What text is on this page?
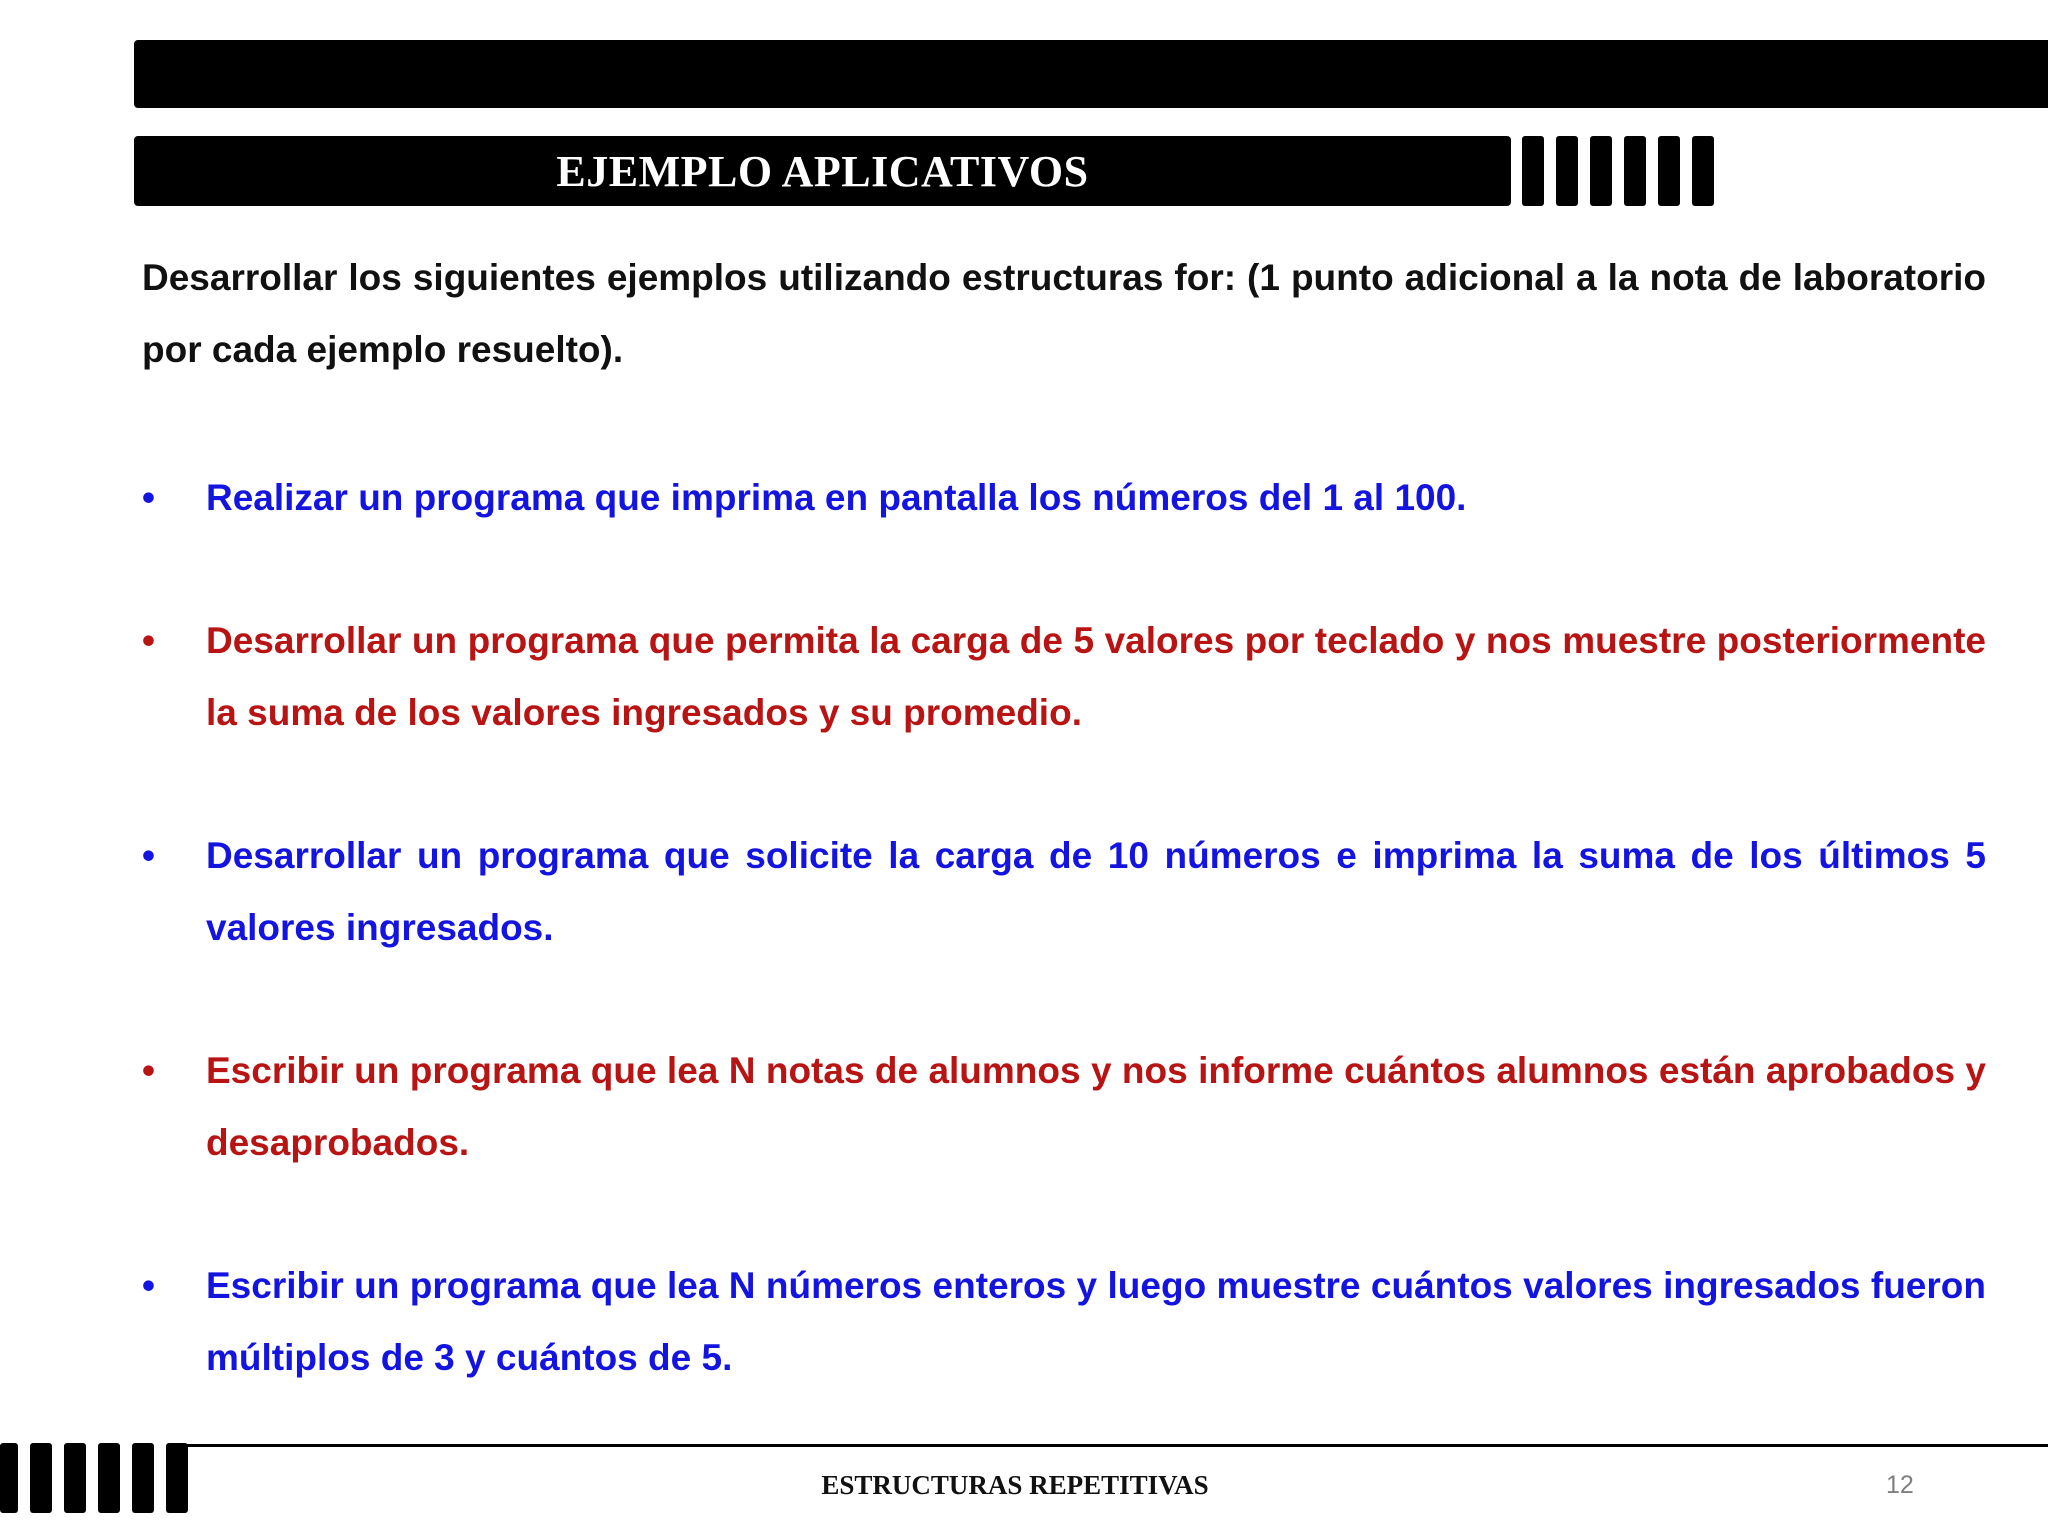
EJEMPLO APLICATIVOS
Desarrollar los siguientes ejemplos utilizando estructuras for: (1 punto adicional a la nota de laboratorio por cada ejemplo resuelto).
•	Realizar un programa que imprima en pantalla los números del 1 al 100.
•	Desarrollar un programa que permita la carga de 5 valores por teclado y nos muestre posteriormente la suma de los valores ingresados y su promedio.
•	Desarrollar un programa que solicite la carga de 10 números e imprima la suma de los últimos 5 valores ingresados.
•	Escribir un programa que lea N notas de alumnos y nos informe cuántos alumnos están aprobados y desaprobados.
•	Escribir un programa que lea N números enteros y luego muestre cuántos valores ingresados fueron múltiplos de 3 y cuántos de 5.
ESTRUCTURAS REPETITIVAS	12
